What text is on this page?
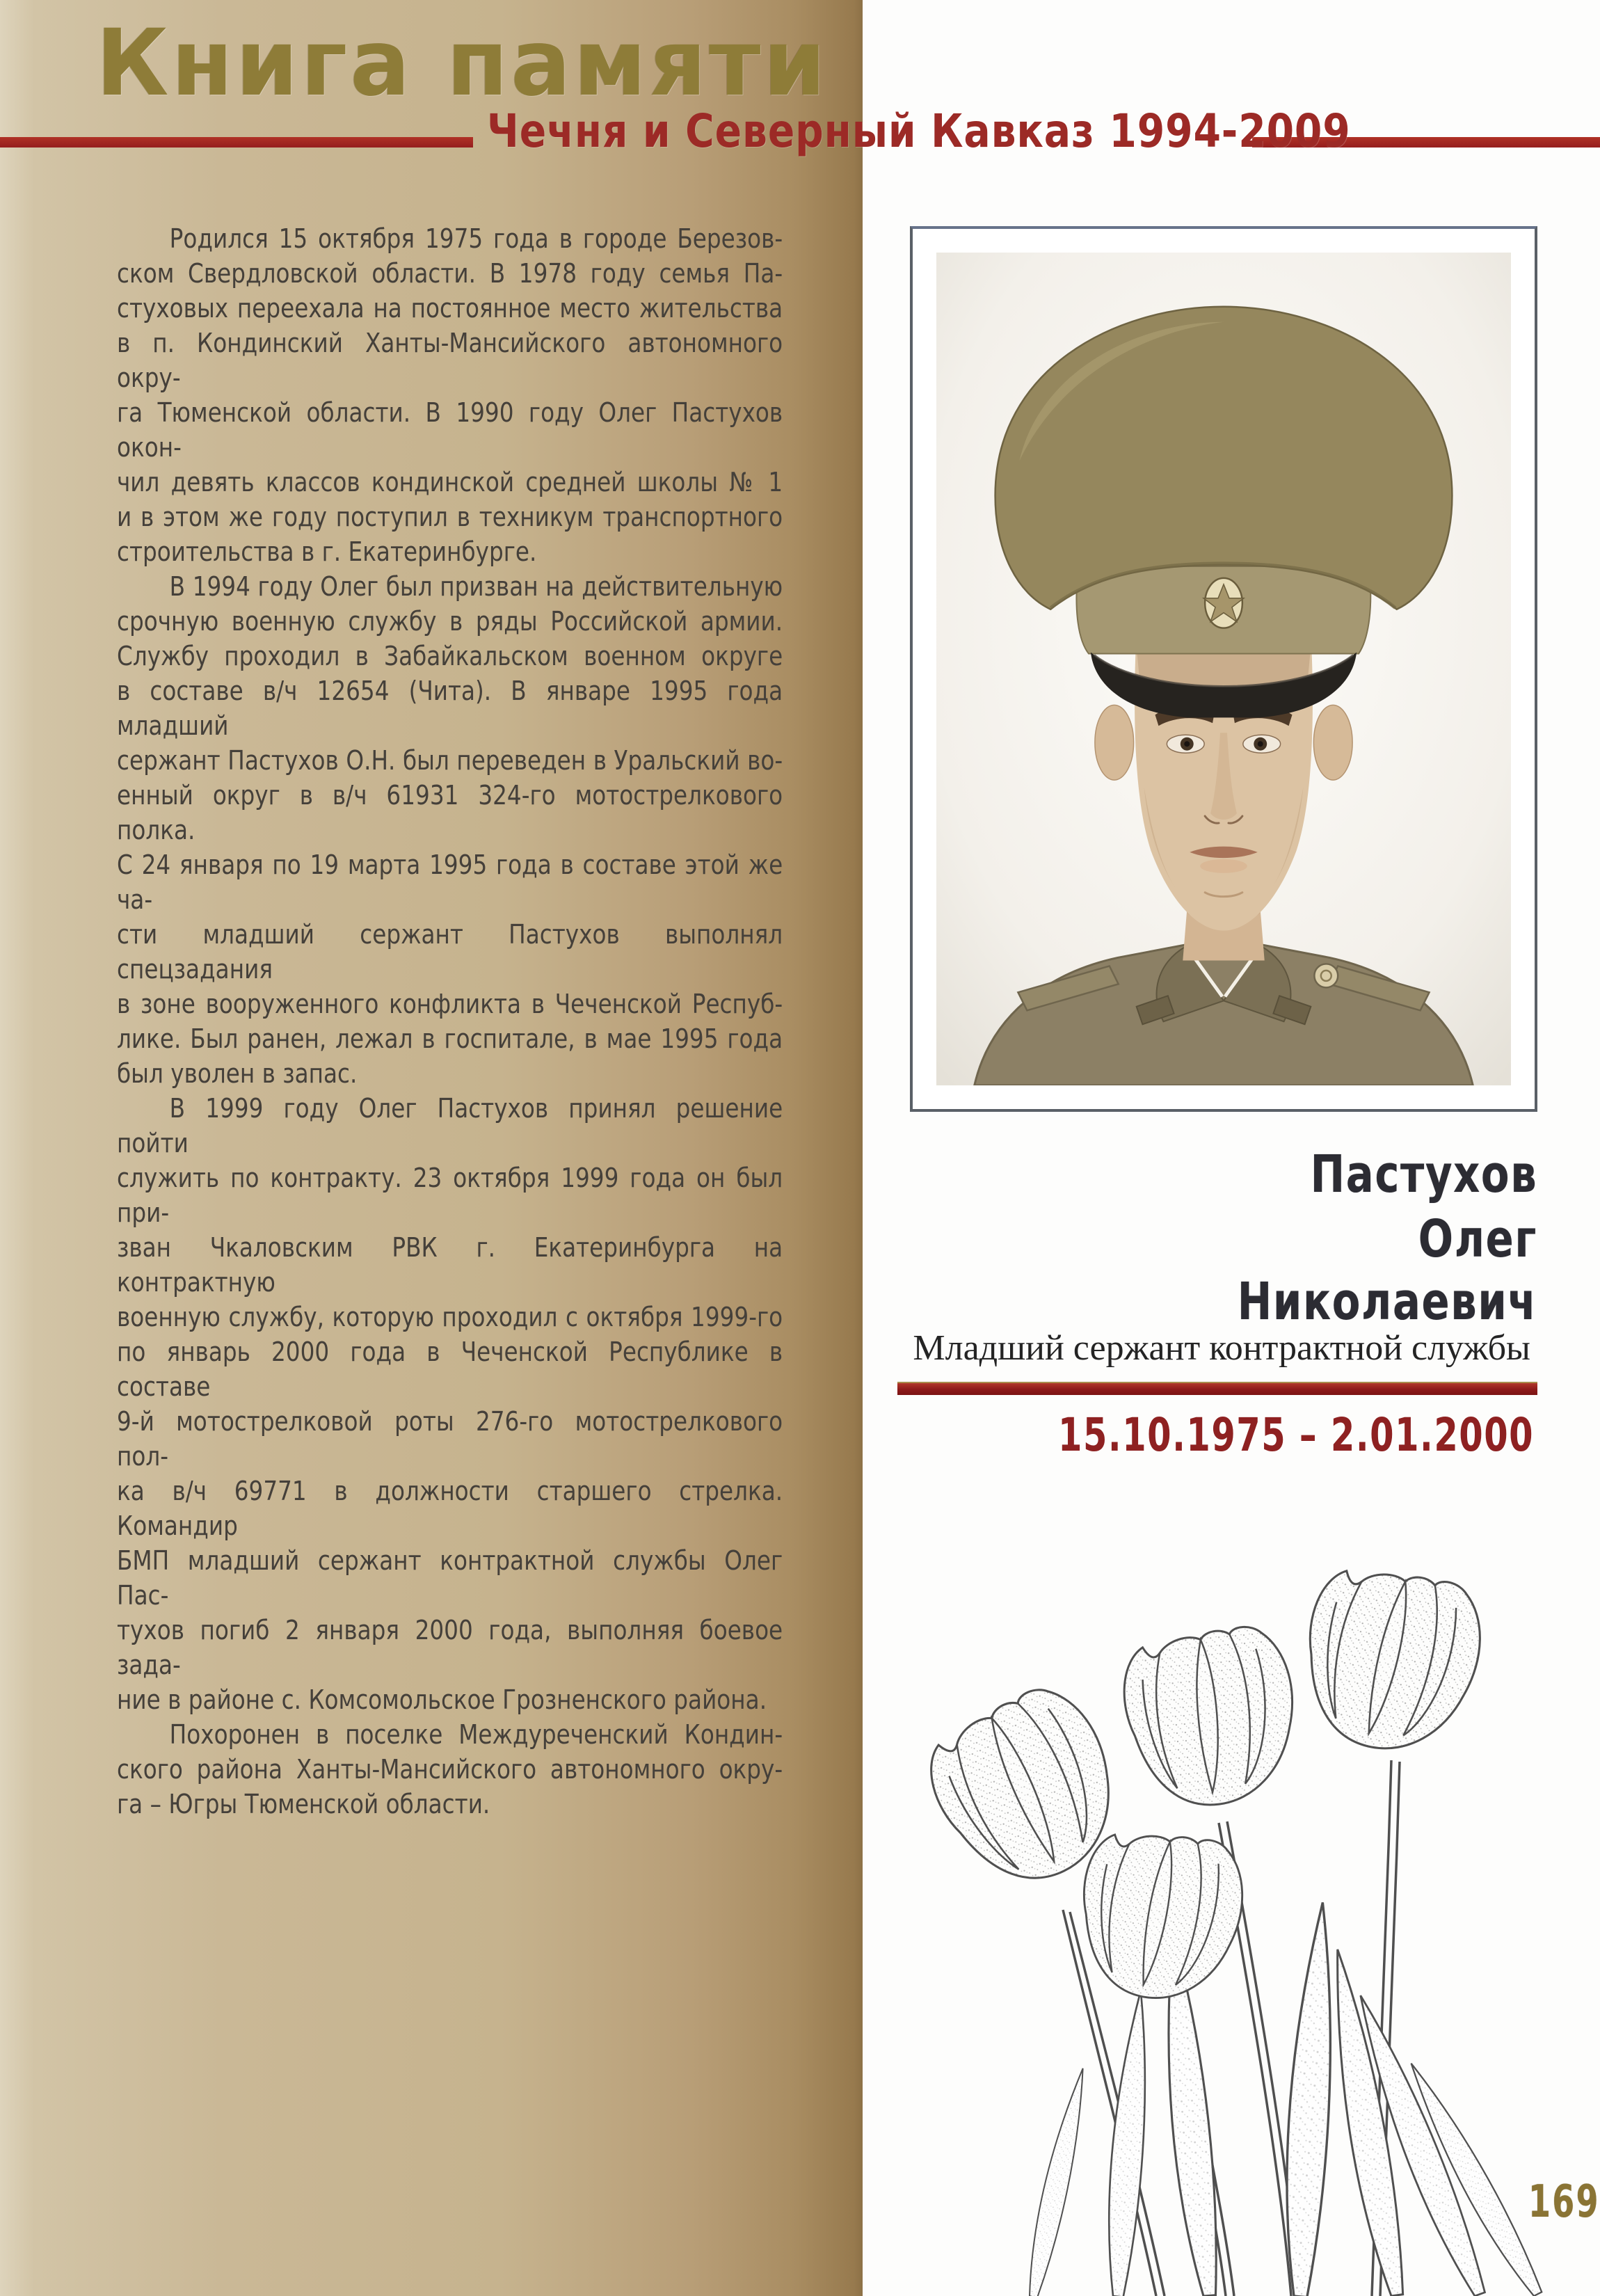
Книга памяти
Чечня и Северный Кавказ 1994-2009
Родился 15 октября 1975 года в городе Березов-
ском Свердловской области. В 1978 году семья Па-
стуховых переехала на постоянное место жительства
в п. Кондинский Ханты-Мансийского автономного окру-
га Тюменской области. В 1990 году Олег Пастухов окон-
чил девять классов кондинской средней школы № 1
и в этом же году поступил в техникум транспортного
строительства в г. Екатеринбурге.
В 1994 году Олег был призван на действительную
срочную военную службу в ряды Российской армии.
Службу проходил в Забайкальском военном округе
в составе в/ч 12654 (Чита). В январе 1995 года младший
сержант Пастухов О.Н. был переведен в Уральский во-
енный округ в в/ч 61931 324-го мотострелкового полка.
С 24 января по 19 марта 1995 года в составе этой же ча-
сти младший сержант Пастухов выполнял спецзадания
в зоне вооруженного конфликта в Чеченской Респуб-
лике. Был ранен, лежал в госпитале, в мае 1995 года
был уволен в запас.
В 1999 году Олег Пастухов принял решение пойти
служить по контракту. 23 октября 1999 года он был при-
зван Чкаловским РВК г. Екатеринбурга на контрактную
военную службу, которую проходил с октября 1999-го
по январь 2000 года в Чеченской Республике в составе
9-й мотострелковой роты 276-го мотострелкового пол-
ка в/ч 69771 в должности старшего стрелка. Командир
БМП младший сержант контрактной службы Олег Пас-
тухов погиб 2 января 2000 года, выполняя боевое зада-
ние в районе с. Комсомольское Грозненского района.
Похоронен в поселке Междуреченский Кондин-
ского района Ханты-Мансийского автономного окру-
га – Югры Тюменской области.
Пастухов
Олег
Николаевич
Младший сержант контрактной службы
15.10.1975 – 2.01.2000
169
